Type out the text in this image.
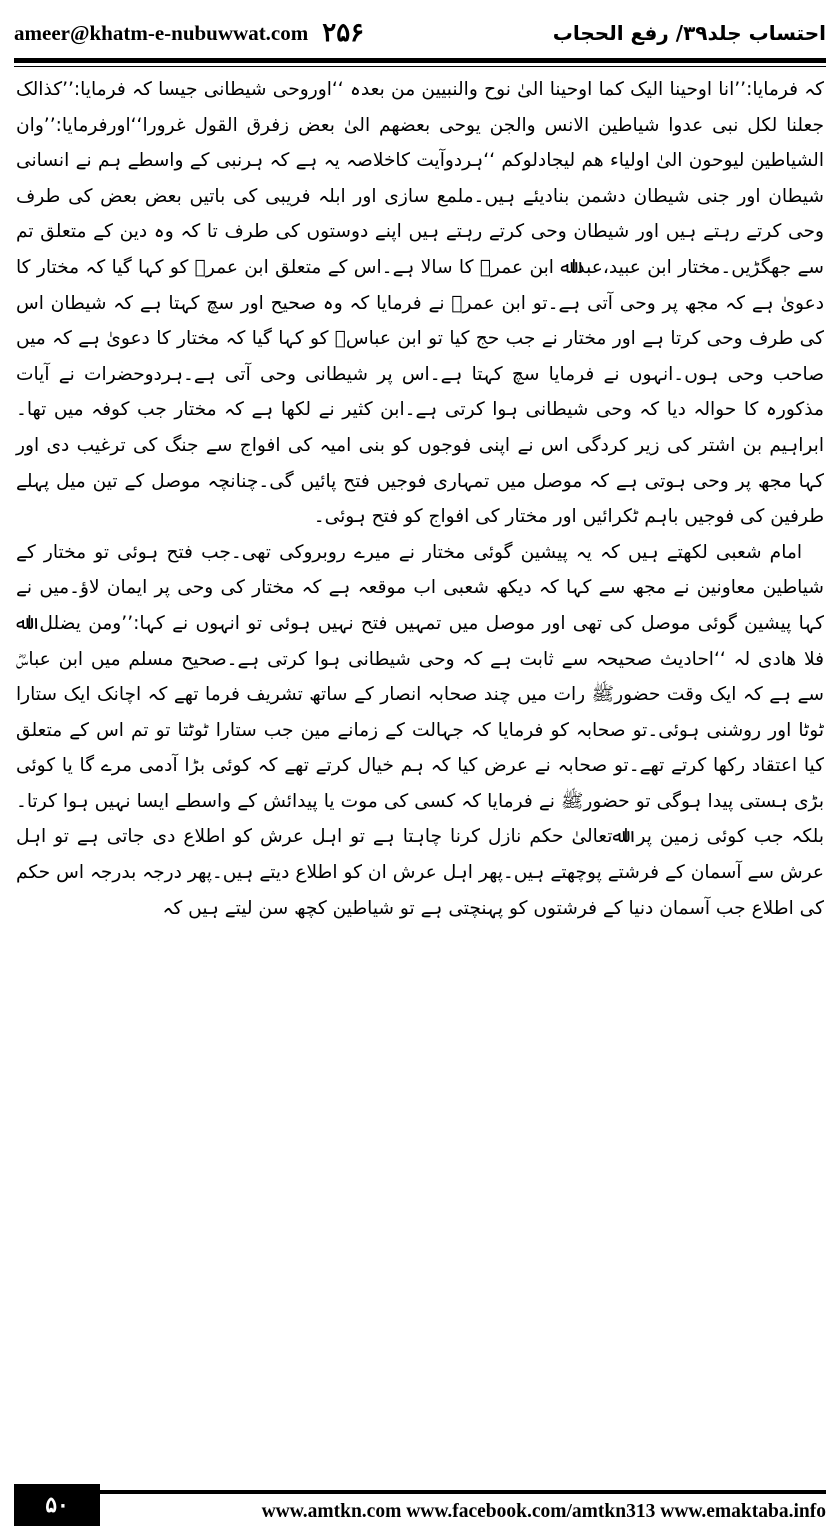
ameer@khatm-e-nubuwwat.com ۲۵۶	احتساب جلد۳۹/ رفع الحجاب

کہ فرمایا:’’انا اوحینا الیک کما اوحینا الیٰ نوح والنبیین من بعدہ ‘‘اوروحی شیطانی جیسا کہ فرمایا:’’کذالک جعلنا لکل نبی عدوا شیاطین الانس والجن یوحی بعضھم الیٰ بعض زفرق القول غرورا‘‘اورفرمایا:’’وان الشیاطین لیوحون الیٰ اولیاء ھم لیجادلوکم ‘‘ہردوآیت کاخلاصہ یہ ہے کہ ہرنبی کے واسطے ہم نے انسانی شیطان اور جنی شیطان دشمن بنادیئے ہیں۔ملمع سازی اور ابلہ فریبی کی باتیں بعض بعض کی طرف وحی کرتے رہتے ہیں اور شیطان وحی کرتے رہتے ہیں اپنے دوستوں کی طرف تا کہ وہ دین کے متعلق تم سے جھگڑیں۔مختار ابن عبید،عبداﷲ ابن عمرؓ کا سالا ہے۔اس کے متعلق ابن عمرؓ کو کہا گیا کہ مختار کا دعویٰ ہے کہ مجھ پر وحی آتی ہے۔تو ابن عمرؓ نے فرمایا کہ وہ صحیح اور سچ کہتا ہے کہ شیطان اس کی طرف وحی کرتا ہے اور مختار نے جب حج کیا تو ابن عباسؓ کو کہا گیا کہ مختار کا دعویٰ ہے کہ میں صاحب وحی ہوں۔انہوں نے فرمایا سچ کہتا ہے۔اس پر شیطانی وحی آتی ہے۔ہردوحضرات نے آیات مذکورہ کا حوالہ دیا کہ وحی شیطانی ہوا کرتی ہے۔ابن کثیر نے لکھا ہے کہ مختار جب کوفہ میں تھا۔ابراہیم بن اشتر کی زیر کردگی اس نے اپنی فوجوں کو بنی امیہ کی افواج سے جنگ کی ترغیب دی اور کہا مجھ پر وحی ہوتی ہے کہ موصل میں تمہاری فوجیں فتح پائیں گی۔چنانچہ موصل کے تین میل پہلے طرفین کی فوجیں باہم ٹکرائیں اور مختار کی افواج کو فتح ہوئی۔

امام شعبی لکھتے ہیں کہ یہ پیشین گوئی مختار نے میرے روبروکی تھی۔جب فتح ہوئی تو مختار کے شیاطین معاونین نے مجھ سے کہا کہ دیکھ شعبی اب موقعہ ہے کہ مختار کی وحی پر ایمان لاؤ۔میں نے کہا پیشین گوئی موصل کی تھی اور موصل میں تمہیں فتح نہیں ہوئی تو انہوں نے کہا:’’ومن یضلل اﷲ فلا ھادی لہ ‘‘احادیث صحیحہ سے ثابت ہے کہ وحی شیطانی ہوا کرتی ہے۔صحیح مسلم میں ابن عباسؓ سے ہے کہ ایک وقت حضورﷺ رات میں چند صحابہ انصار کے ساتھ تشریف فرما تھے کہ اچانک ایک ستارا ٹوٹا اور روشنی ہوئی۔تو صحابہ کو فرمایا کہ جہالت کے زمانے مین جب ستارا ٹوٹتا تو تم اس کے متعلق کیا اعتقاد رکھا کرتے تھے۔تو صحابہ نے عرض کیا کہ ہم خیال کرتے تھے کہ کوئی بڑا آدمی مرے گا یا کوئی بڑی ہستی پیدا ہوگی تو حضورﷺ نے فرمایا کہ کسی کی موت یا پیدائش کے واسطے ایسا نہیں ہوا کرتا۔بلکہ جب کوئی زمین پر اﷲتعالیٰ حکم نازل کرنا چاہتا ہے تو اہل عرش کو اطلاع دی جاتی ہے تو اہل عرش سے آسمان کے فرشتے پوچھتے ہیں۔پھر اہل عرش ان کو اطلاع دیتے ہیں۔پھر درجہ بدرجہ اس حکم کی اطلاع جب آسمان دنیا کے فرشتوں کو پہنچتی ہے تو شیاطین کچھ سن لیتے ہیں کہ

۵۰	www.amtkn.com www.facebook.com/amtkn313 www.emaktaba.info
